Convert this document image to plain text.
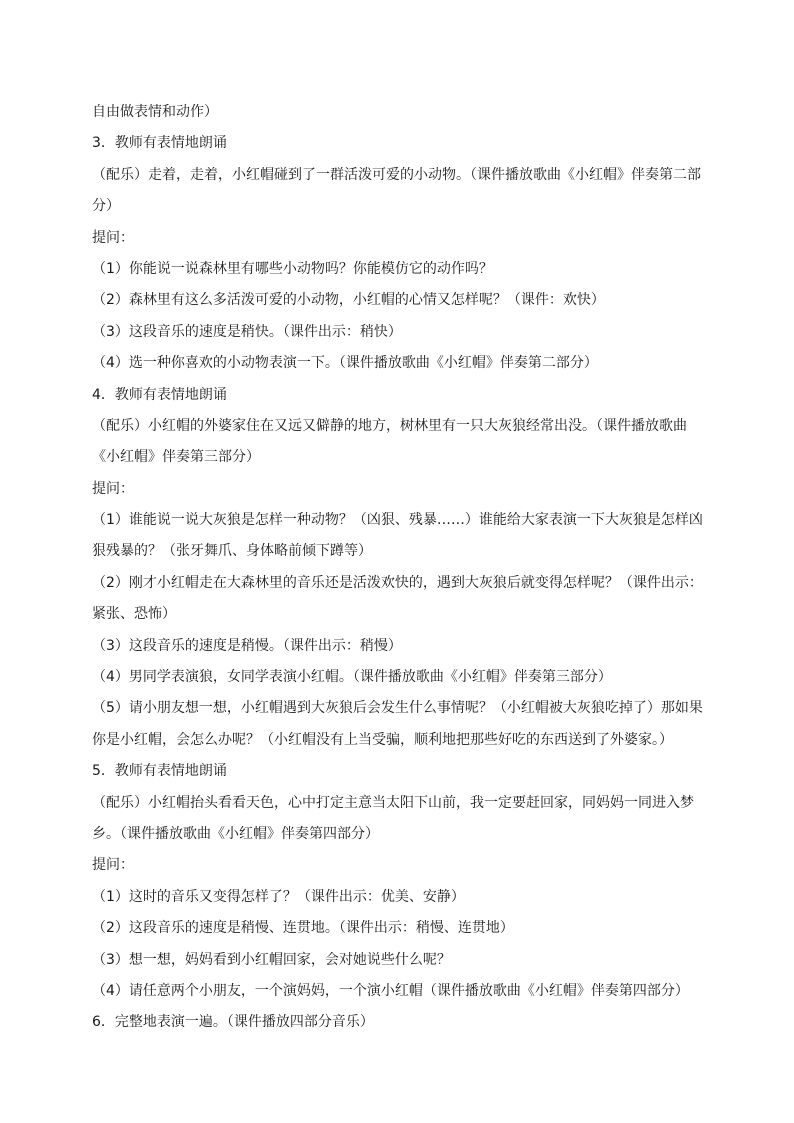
自由做表情和动作）
3．教师有表情地朗诵
（配乐）走着，走着，小红帽碰到了一群活泼可爱的小动物。（课件播放歌曲《小红帽》伴奏第二部
分）
提问：
（1）你能说一说森林里有哪些小动物吗？你能模仿它的动作吗？
（2）森林里有这么多活泼可爱的小动物，小红帽的心情又怎样呢？（课件：欢快）
（3）这段音乐的速度是稍快。（课件出示：稍快）
（4）选一种你喜欢的小动物表演一下。（课件播放歌曲《小红帽》伴奏第二部分）
4．教师有表情地朗诵
（配乐）小红帽的外婆家住在又远又僻静的地方，树林里有一只大灰狼经常出没。（课件播放歌曲
《小红帽》伴奏第三部分）
提问：
（1）谁能说一说大灰狼是怎样一种动物？（凶狠、残暴……）谁能给大家表演一下大灰狼是怎样凶
狠残暴的？（张牙舞爪、身体略前倾下蹲等）
（2）刚才小红帽走在大森林里的音乐还是活泼欢快的，遇到大灰狼后就变得怎样呢？（课件出示：
紧张、恐怖）
（3）这段音乐的速度是稍慢。（课件出示：稍慢）
（4）男同学表演狼，女同学表演小红帽。（课件播放歌曲《小红帽》伴奏第三部分）
（5）请小朋友想一想，小红帽遇到大灰狼后会发生什么事情呢？（小红帽被大灰狼吃掉了）那如果
你是小红帽，会怎么办呢？（小红帽没有上当受骗，顺利地把那些好吃的东西送到了外婆家。）
5．教师有表情地朗诵
（配乐）小红帽抬头看看天色，心中打定主意当太阳下山前，我一定要赶回家，同妈妈一同进入梦
乡。（课件播放歌曲《小红帽》伴奏第四部分）
提问：
（1）这时的音乐又变得怎样了？（课件出示：优美、安静）
（2）这段音乐的速度是稍慢、连贯地。（课件出示：稍慢、连贯地）
（3）想一想，妈妈看到小红帽回家，会对她说些什么呢？
（4）请任意两个小朋友，一个演妈妈，一个演小红帽（课件播放歌曲《小红帽》伴奏第四部分）
6．完整地表演一遍。（课件播放四部分音乐）
